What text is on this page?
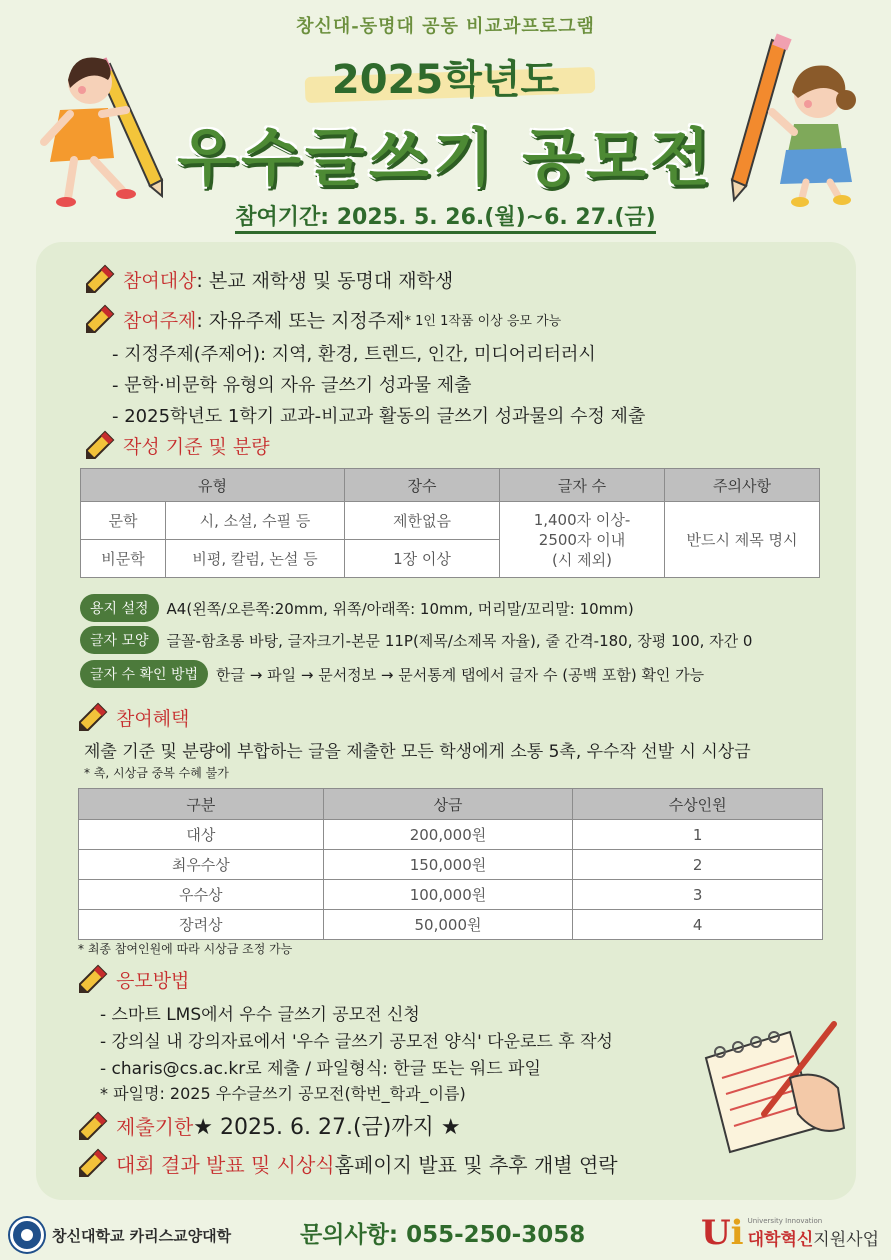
창신대-동명대 공동 비교과프로그램
2025학년도
우수글쓰기 공모전
참여기간: 2025. 5. 26.(월)~6. 27.(금)
참여대상 : 본교 재학생 및 동명대 재학생
참여주제 : 자유주제 또는 지정주제 * 1인 1작품 이상 응모 가능
- 지정주제(주제어): 지역, 환경, 트렌드, 인간, 미디어리터러시
- 문학·비문학 유형의 자유 글쓰기 성과물 제출
- 2025학년도 1학기 교과-비교과 활동의 글쓰기 성과물의 수정 제출
작성 기준 및 분량
유형		장수	글자 수	주의사항
문학	시, 소설, 수필 등	제한없음	1,400자 이상-
2500자 이내
(시 제외)	반드시 제목 명시
비문학	비평, 칼럼, 논설 등	1장 이상		
용지 설정	A4(왼쪽/오른쪽:20mm, 위쪽/아래쪽: 10mm, 머리말/꼬리말: 10mm)
글자 모양	글꼴-함초롱 바탕, 글자크기-본문 11P(제목/소제목 자율), 줄 간격-180, 장평 100, 자간 0
글자 수 확인 방법	한글 → 파일 → 문서정보 → 문서통계 탭에서 글자 수 (공백 포함) 확인 가능
참여혜택
제출 기준 및 분량에 부합하는 글을 제출한 모든 학생에게 소통 5촉, 우수작 선발 시 시상금
* 촉, 시상금 중복 수혜 불가
구분	상금	수상인원
대상	200,000원	1
최우수상	150,000원	2
우수상	100,000원	3
장려상	50,000원	4
* 최종 참여인원에 따라 시상금 조정 가능
응모방법
- 스마트 LMS에서 우수 글쓰기 공모전 신청
- 강의실 내 강의자료에서 '우수 글쓰기 공모전 양식' 다운로드 후 작성
- charis@cs.ac.kr로 제출 / 파일형식: 한글 또는 워드 파일
* 파일명: 2025 우수글쓰기 공모전(학번_학과_이름)
제출기한 ★ 2025. 6. 27.(금)까지 ★
대회 결과 발표 및 시상식 홈페이지 발표 및 추후 개별 연락
창신대학교 카리스교양대학	문의사항: 055-250-3058	Ui University Innovation
대학혁신지원사업
